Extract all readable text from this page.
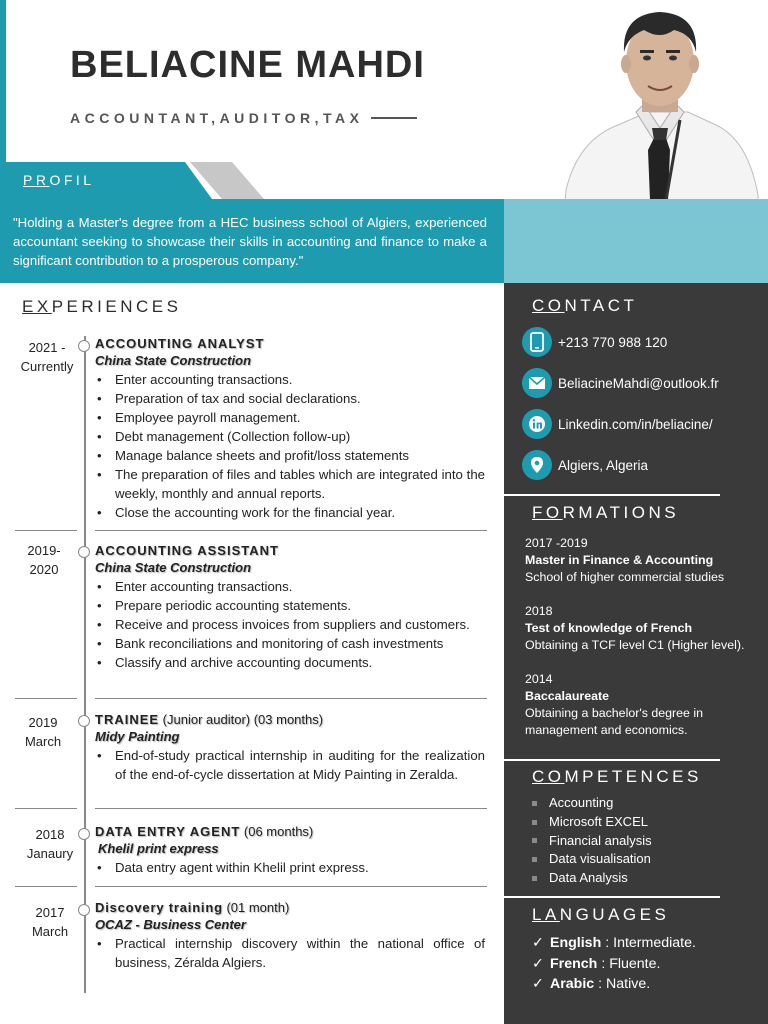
BELIACINE MAHDI
ACCOUNTANT,AUDITOR,TAX
PROFIL
"Holding a Master's degree from a HEC business school of Algiers, experienced accountant seeking to showcase their skills in accounting and finance to make a significant contribution to a prosperous company."
CONTACT
+213 770 988 120
BeliacineMahdi@outlook.fr
Linkedin.com/in/beliacine/
Algiers, Algeria
FORMATIONS
2017 -2019
Master in Finance & Accounting
School of higher commercial studies
2018
Test of knowledge of French
Obtaining a TCF level C1 (Higher level).
2014
Baccalaureate
Obtaining a bachelor's degree in management and economics.
COMPETENCES
Accounting
Microsoft EXCEL
Financial analysis
Data visualisation
Data Analysis
LANGUAGES
✓ English : Intermediate.
✓ French : Fluente.
✓ Arabic : Native.
EXPERIENCES
2021 -
Currently
ACCOUNTING ANALYST
China State Construction
• Enter accounting transactions.
• Preparation of tax and social declarations.
• Employee payroll management.
• Debt management (Collection follow-up)
• Manage balance sheets and profit/loss statements
• The preparation of files and tables which are integrated into the weekly, monthly and annual reports.
• Close the accounting work for the financial year.
2019-
2020
ACCOUNTING ASSISTANT
China State Construction
• Enter accounting transactions.
• Prepare periodic accounting statements.
• Receive and process invoices from suppliers and customers.
• Bank reconciliations and monitoring of cash investments
• Classify and archive accounting documents.
2019
March
TRAINEE (Junior auditor) (03 months)
Midy Painting
• End-of-study practical internship in auditing for the realization of the end-of-cycle dissertation at Midy Painting in Zeralda.
2018
Janaury
DATA ENTRY AGENT (06 months)
Khelil print express
• Data entry agent within Khelil print express.
2017
March
Discovery training (01 month)
OCAZ - Business Center
• Practical internship discovery within the national office of business, Zéralda Algiers.
